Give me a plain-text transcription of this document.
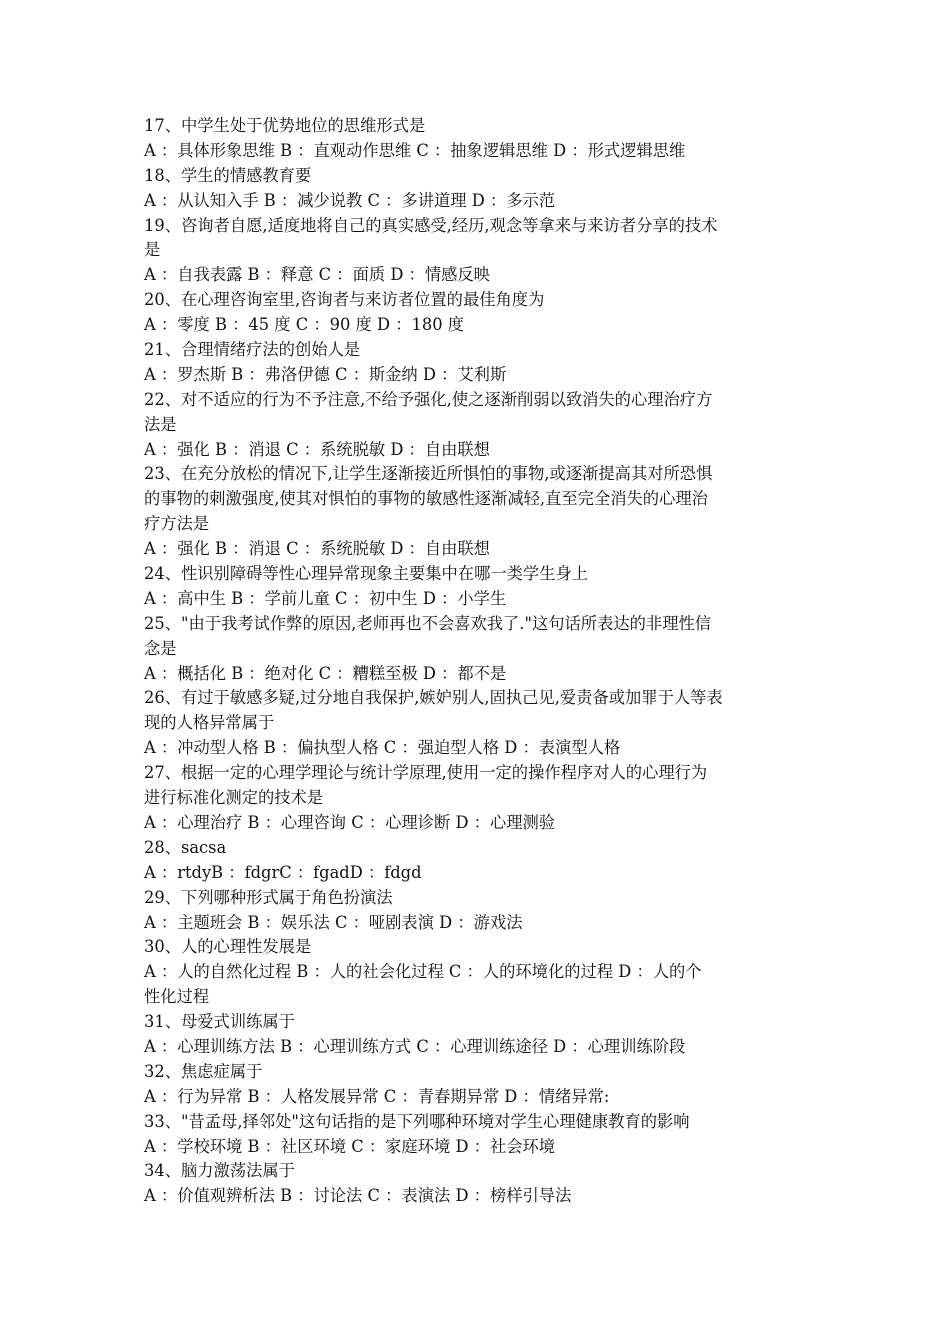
17、中学生处于优势地位的思维形式是
A ：具体形象思维 B ：直观动作思维 C ：抽象逻辑思维 D ：形式逻辑思维
18、学生的情感教育要
A ：从认知入手 B ：减少说教 C ：多讲道理 D ：多示范
19、咨询者自愿,适度地将自己的真实感受,经历,观念等拿来与来访者分享的技术
是
A ：自我表露 B ：释意 C ：面质 D ：情感反映
20、在心理咨询室里,咨询者与来访者位置的最佳角度为
A ：零度 B ：45 度 C ：90 度 D ：180 度
21、合理情绪疗法的创始人是
A ：罗杰斯 B ：弗洛伊德 C ：斯金纳 D ：艾利斯
22、对不适应的行为不予注意,不给予强化,使之逐渐削弱以致消失的心理治疗方
法是
A ：强化 B ：消退 C ：系统脱敏 D ：自由联想
23、在充分放松的情况下,让学生逐渐接近所惧怕的事物,或逐渐提高其对所恐惧
的事物的刺激强度,使其对惧怕的事物的敏感性逐渐减轻,直至完全消失的心理治
疗方法是
A ：强化 B ：消退 C ：系统脱敏 D ：自由联想
24、性识别障碍等性心理异常现象主要集中在哪一类学生身上
A ：高中生 B ：学前儿童 C ：初中生 D ：小学生
25、"由于我考试作弊的原因,老师再也不会喜欢我了."这句话所表达的非理性信
念是
A ：概括化 B ：绝对化 C ：糟糕至极 D ：都不是
26、有过于敏感多疑,过分地自我保护,嫉妒别人,固执己见,爱责备或加罪于人等表
现的人格异常属于
A ：冲动型人格 B ：偏执型人格 C ：强迫型人格 D ：表演型人格
27、根据一定的心理学理论与统计学原理,使用一定的操作程序对人的心理行为
进行标准化测定的技术是
A ：心理治疗 B ：心理咨询 C ：心理诊断 D ：心理测验
28、sacsa
A ：rtdyB ：fdgrC ：fgadD ：fdgd
29、下列哪种形式属于角色扮演法
A ：主题班会 B ：娱乐法 C ：哑剧表演 D ：游戏法
30、人的心理性发展是
A ：人的自然化过程 B ：人的社会化过程 C ：人的环境化的过程 D ：人的个
性化过程
31、母爱式训练属于
A ：心理训练方法 B ：心理训练方式 C ：心理训练途径 D ：心理训练阶段
32、焦虑症属于
A ：行为异常 B ：人格发展异常 C ：青春期异常 D ：情绪异常:
33、"昔孟母,择邻处"这句话指的是下列哪种环境对学生心理健康教育的影响
A ：学校环境 B ：社区环境 C ：家庭环境 D ：社会环境
34、脑力激荡法属于
A ：价值观辨析法 B ：讨论法 C ：表演法 D ：榜样引导法
